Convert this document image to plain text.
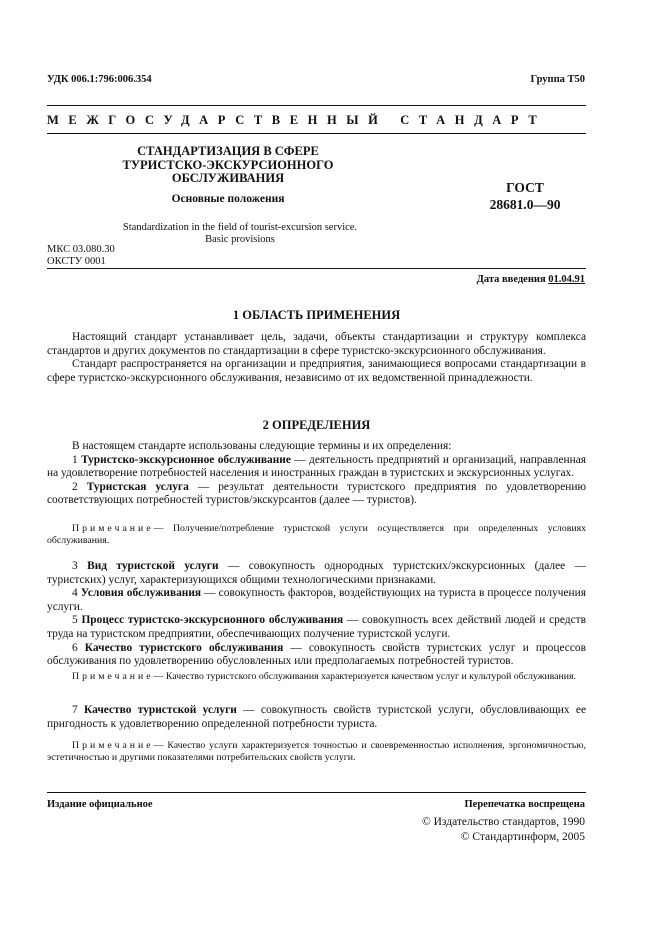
УДК 006.1:796:006.354	Группа Т50
МЕЖГОСУДАРСТВЕННЫЙ СТАНДАРТ
СТАНДАРТИЗАЦИЯ В СФЕРЕ
ТУРИСТСКО-ЭКСКУРСИОННОГО
ОБСЛУЖИВАНИЯ
Основные положения
ГОСТ
28681.0—90
Standardization in the field of tourist-excursion service.
Basic provisions
МКС 03.080.30
ОКСТУ 0001
Дата введения 01.04.91
1 ОБЛАСТЬ ПРИМЕНЕНИЯ

Настоящий стандарт устанавливает цель, задачи, объекты стандартизации и структуру комплекса стандартов и других документов по стандартизации в сфере туристско-экскурсионного обслуживания.

Стандарт распространяется на организации и предприятия, занимающиеся вопросами стандартизации в сфере туристско-экскурсионного обслуживания, независимо от их ведомственной принадлежности.

2 ОПРЕДЕЛЕНИЯ

В настоящем стандарте использованы следующие термины и их определения:

1 Туристско-экскурсионное обслуживание — деятельность предприятий и организаций, направленная на удовлетворение потребностей населения и иностранных граждан в туристских и экскурсионных услугах.

2 Туристская услуга — результат деятельности туристского предприятия по удовлетворению соответствующих потребностей туристов/экскурсантов (далее — туристов).

Примечание— Получение/потребление туристской услуги осуществляется при определенных условиях обслуживания.

3 Вид туристской услуги — совокупность однородных туристских/экскурсионных (далее — туристских) услуг, характеризующихся общими технологическими признаками.

4 Условия обслуживания — совокупность факторов, воздействующих на туриста в процессе получения услуги.

5 Процесс туристско-экскурсионного обслуживания — совокупность всех действий людей и средств труда на туристском предприятии, обеспечивающих получение туристской услуги.

6 Качество туристского обслуживания — совокупность свойств туристских услуг и процессов обслуживания по удовлетворению обусловленных или предполагаемых потребностей туристов.

Примечание— Качество туристского обслуживания характеризуется качеством услуг и культурой обслуживания.

7 Качество туристской услуги — совокупность свойств туристской услуги, обусловливающих ее пригодность к удовлетворению определенной потребности туриста.

Примечание— Качество услуги характеризуется точностью и своевременностью исполнения, эргономичностью, эстетичностью и другими показателями потребительских свойств услуги.

Издание официальное	Перепечатка воспрещена
© Издательство стандартов, 1990
© Стандартинформ, 2005
